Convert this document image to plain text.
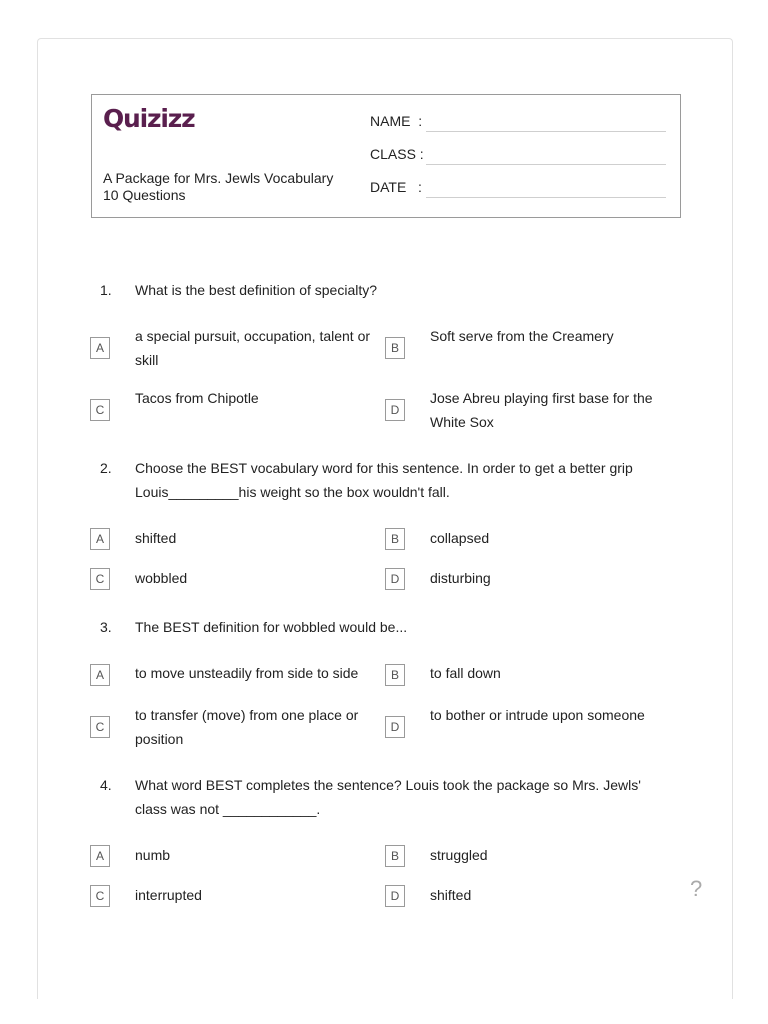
Quizizz
A Package for Mrs. Jewls Vocabulary
10 Questions
NAME  :
CLASS :
DATE   :
1.	What is the best definition of specialty?
A
a special pursuit, occupation, talent or skill
B
Soft serve from the Creamery
C
Tacos from Chipotle
D
Jose Abreu playing first base for the White Sox
2.	Choose the BEST vocabulary word for this sentence. In order to get a better grip Louis_________his weight so the box wouldn't fall.
A	shifted	B	collapsed
C	wobbled	D	disturbing
3.	The BEST definition for wobbled would be...
A	to move unsteadily from side to side	B	to fall down
C
to transfer (move) from one place or position
D
to bother or intrude upon someone
4.	What word BEST completes the sentence? Louis took the package so Mrs. Jewls' class was not ____________.
A	numb	B	struggled
C	interrupted	D	shifted	?
